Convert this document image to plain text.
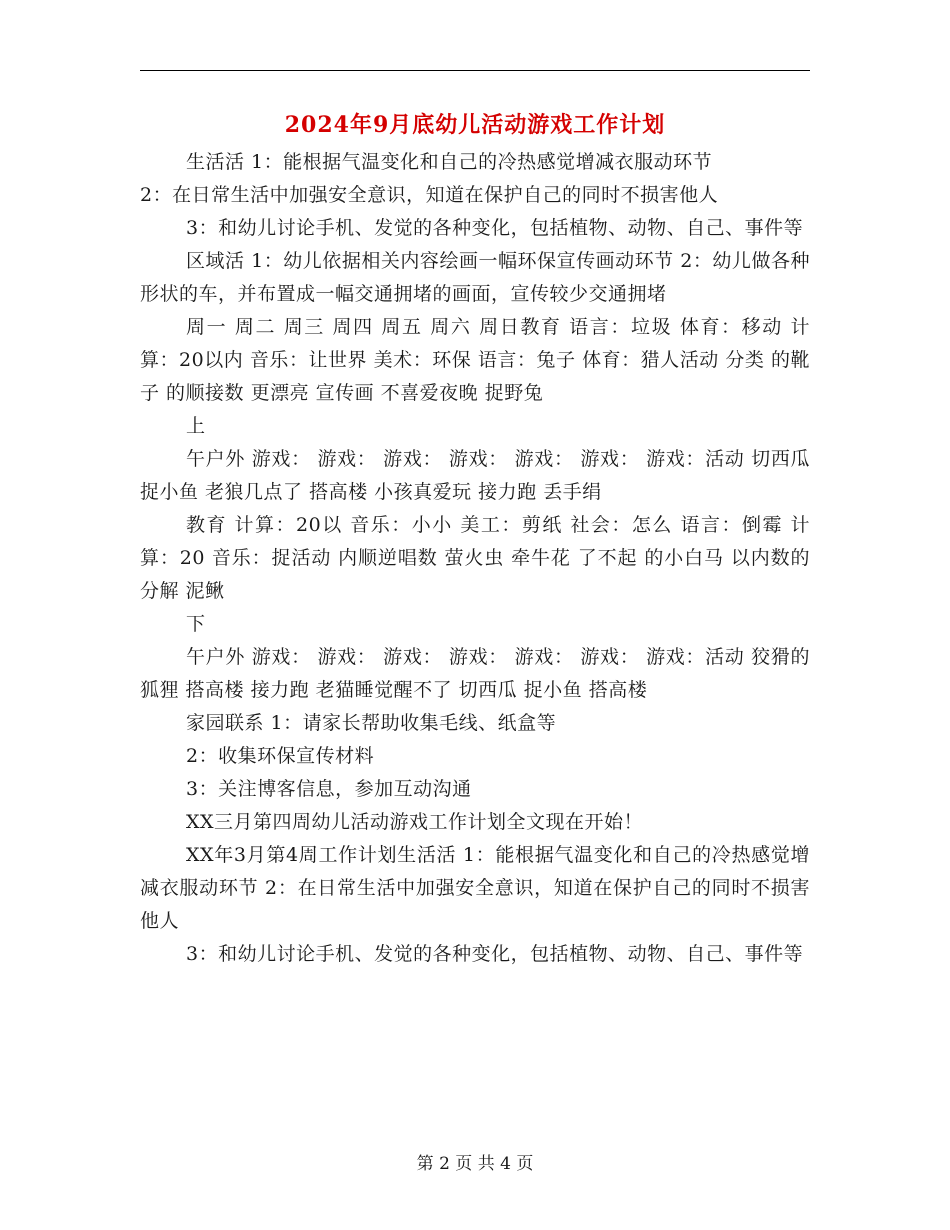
2024年9月底幼儿活动游戏工作计划

生活活 1：能根据气温变化和自己的冷热感觉增减衣服动环节

2：在日常生活中加强安全意识，知道在保护自己的同时不损害他人

3：和幼儿讨论手机、发觉的各种变化，包括植物、动物、自己、事件等

区域活 1：幼儿依据相关内容绘画一幅环保宣传画动环节 2：幼儿做各种形状的车，并布置成一幅交通拥堵的画面，宣传较少交通拥堵

周一 周二 周三 周四 周五 周六 周日教育 语言：垃圾 体育：移动 计算：20以内 音乐：让世界 美术：环保 语言：兔子 体育：猎人活动 分类 的靴子 的顺接数 更漂亮 宣传画 不喜爱夜晚 捉野兔

上

午户外 游戏： 游戏： 游戏： 游戏： 游戏： 游戏： 游戏：活动 切西瓜 捉小鱼 老狼几点了 搭高楼 小孩真爱玩 接力跑 丢手绢

教育 计算：20以 音乐：小小 美工：剪纸 社会：怎么 语言：倒霉 计算：20 音乐：捉活动 内顺逆唱数 萤火虫 牵牛花 了不起 的小白马 以内数的分解 泥鳅

下

午户外 游戏： 游戏： 游戏： 游戏： 游戏： 游戏： 游戏：活动 狡猾的狐狸 搭高楼 接力跑 老猫睡觉醒不了 切西瓜 捉小鱼 搭高楼

家园联系 1：请家长帮助收集毛线、纸盒等

2：收集环保宣传材料

3：关注博客信息，参加互动沟通

XX三月第四周幼儿活动游戏工作计划全文现在开始！

XX年3月第4周工作计划生活活 1：能根据气温变化和自己的冷热感觉增减衣服动环节 2：在日常生活中加强安全意识，知道在保护自己的同时不损害他人

3：和幼儿讨论手机、发觉的各种变化，包括植物、动物、自己、事件等

第 2 页 共 4 页
